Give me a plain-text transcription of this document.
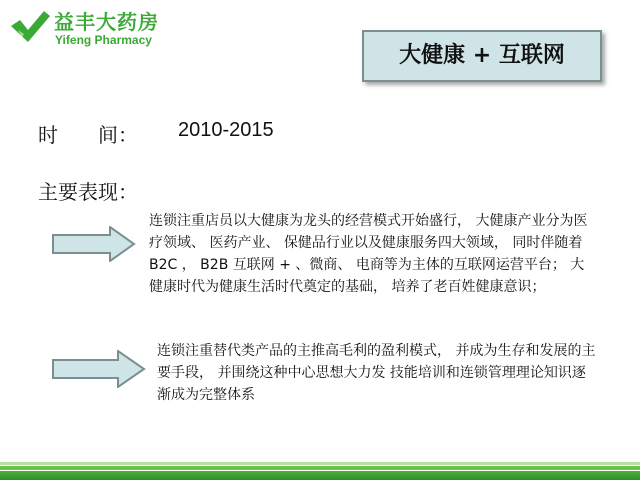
益丰大药房
Yifeng Pharmacy
大健康 + 互联网
时　　间：	2010-2015
主要表现：
连锁注重店员以大健康为龙头的经营模式开始盛行， 大健康产业分为医疗领域、 医药产业、 保健品行业以及健康服务四大领域， 同时伴随着 B2C ， B2B 互联网 + 、微商、 电商等为主体的互联网运营平台； 大健康时代为健康生活时代奠定的基础， 培养了老百姓健康意识；
连锁注重替代类产品的主推高毛利的盈利模式， 并成为生存和发展的主要手段， 并围绕这种中心思想大力发 技能培训和连锁管理理论知识逐渐成为完整体系
